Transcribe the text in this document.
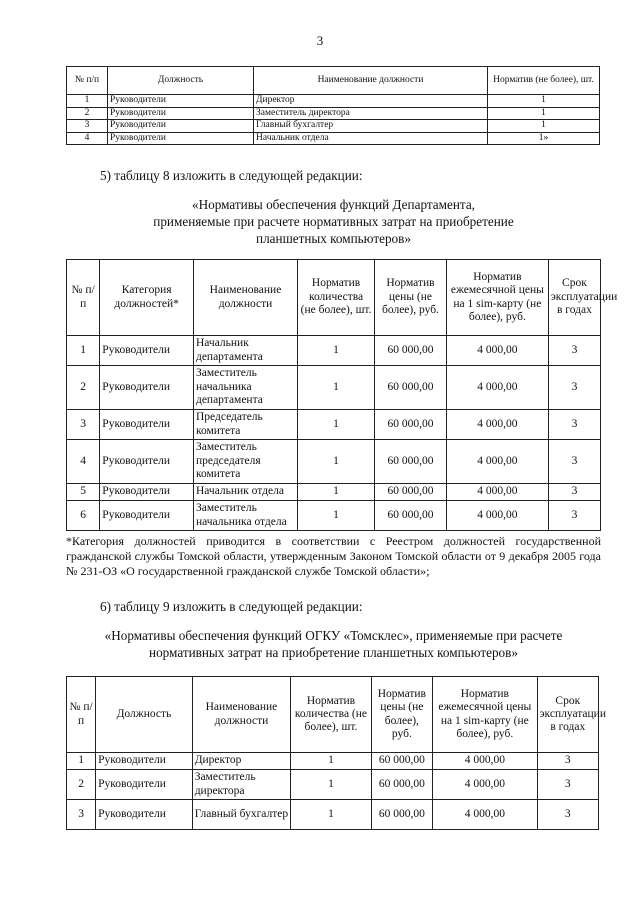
3
№ п/п	Должность	Наименование должности	Норматив (не более), шт.
1	Руководители	Директор	1
2	Руководители	Заместитель директора	1
3	Руководители	Главный бухгалтер	1
4	Руководители	Начальник отдела	1»
5) таблицу 8 изложить в следующей редакции:
«Нормативы обеспечения функций Департамента,
применяемые при расчете нормативных затрат на приобретение
планшетных компьютеров»
№ п/п	Категория должностей*	Наименование должности	Норматив количества (не более), шт.	Норматив цены (не более), руб.	Норматив ежемесячной цены на 1 sim-карту (не более), руб.	Срок эксплуатации в годах
1	Руководители	Начальник департамента	1	60 000,00	4 000,00	3
2	Руководители	Заместитель начальника департамента	1	60 000,00	4 000,00	3
3	Руководители	Председатель комитета	1	60 000,00	4 000,00	3
4	Руководители	Заместитель председателя комитета	1	60 000,00	4 000,00	3
5	Руководители	Начальник отдела	1	60 000,00	4 000,00	3
6	Руководители	Заместитель начальника отдела	1	60 000,00	4 000,00	3
*Категория должностей приводится в соответствии с Реестром должностей государственной гражданской службы Томской области, утвержденным Законом Томской области от 9 декабря 2005 года № 231-ОЗ «О государственной гражданской службе Томской области»;
6) таблицу 9 изложить в следующей редакции:
«Нормативы обеспечения функций ОГКУ «Томсклес», применяемые при расчете
нормативных затрат на приобретение планшетных компьютеров»
№ п/п	Должность	Наименование должности	Норматив количества (не более), шт.	Норматив цены (не более), руб.	Норматив ежемесячной цены на 1 sim-карту (не более), руб.	Срок эксплуатации в годах
1	Руководители	Директор	1	60 000,00	4 000,00	3
2	Руководители	Заместитель директора	1	60 000,00	4 000,00	3
3	Руководители	Главный бухгалтер	1	60 000,00	4 000,00	3
